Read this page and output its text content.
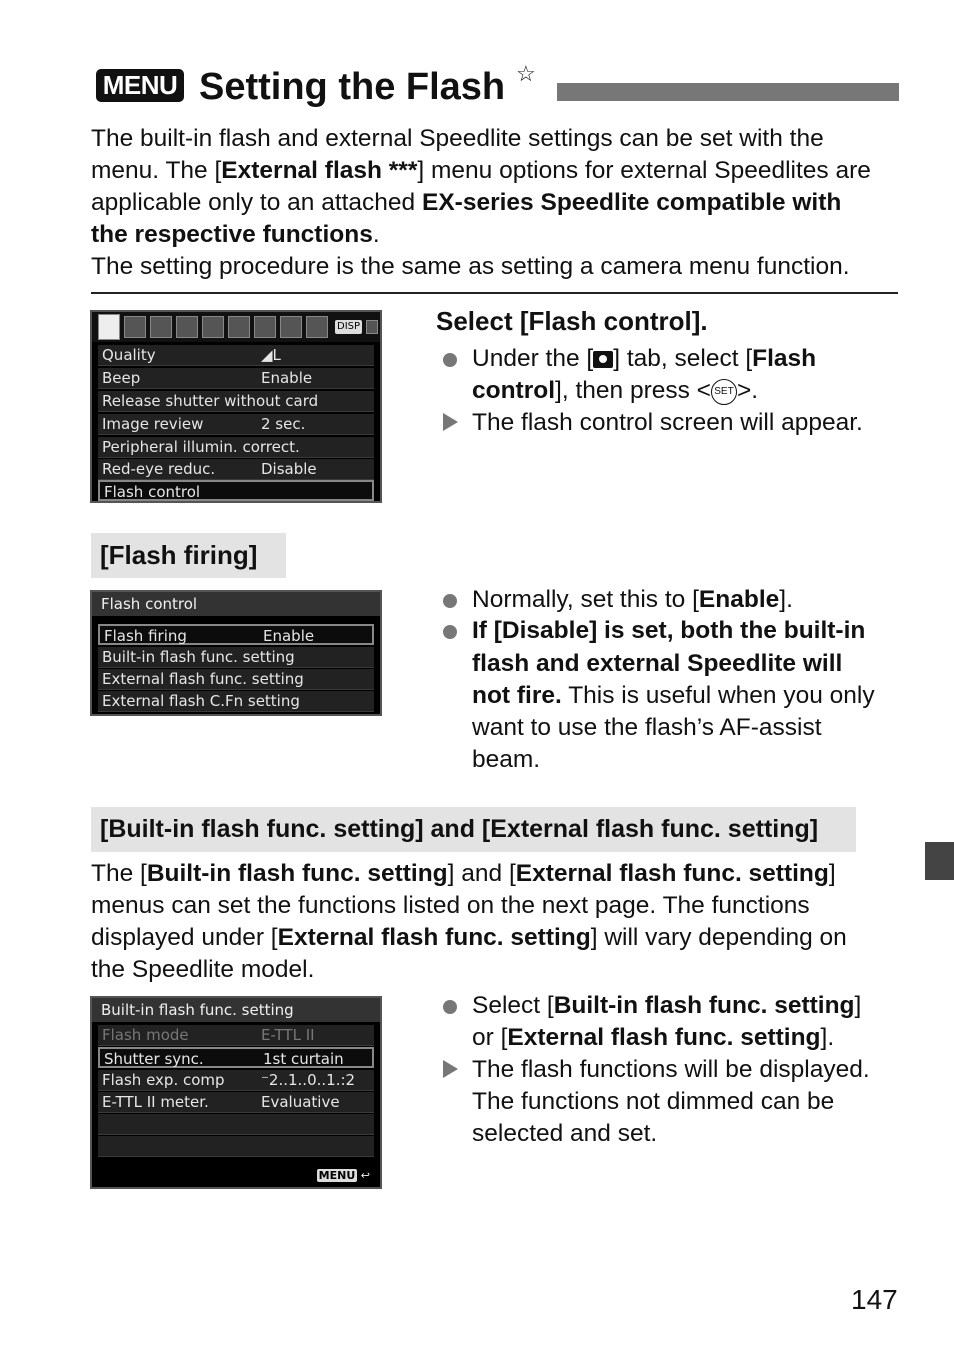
MENU Setting the Flash ☆
The built-in flash and external Speedlite settings can be set with the
menu. The [External flash ***] menu options for external Speedlites are
applicable only to an attached EX-series Speedlite compatible with
the respective functions.
The setting procedure is the same as setting a camera menu function.
DISP
Quality	◢L
Beep	Enable
Release shutter without card
Image review	2 sec.
Peripheral illumin. correct.
Red-eye reduc.	Disable
Flash control
Select [Flash control].
Under the [ ] tab, select [Flash
control], then press < SET >.
The flash control screen will appear.
[Flash firing]
Flash control
Flash firing	Enable
Built-in flash func. setting
External flash func. setting
External flash C.Fn setting
Normally, set this to [Enable].
If [Disable] is set, both the built-in
flash and external Speedlite will
not fire. This is useful when you only
want to use the flash’s AF-assist
beam.
[Built-in flash func. setting] and [External flash func. setting]
The [Built-in flash func. setting] and [External flash func. setting]
menus can set the functions listed on the next page. The functions
displayed under [External flash func. setting] will vary depending on
the Speedlite model.
Built-in flash func. setting
Flash mode	E-TTL II
Shutter sync.	1st curtain
Flash exp. comp ⁻2..1..0..1.:2
E-TTL II meter.	Evaluative
MENU ↩
Select [Built-in flash func. setting]
or [External flash func. setting].
The flash functions will be displayed.
The functions not dimmed can be
selected and set.
147
